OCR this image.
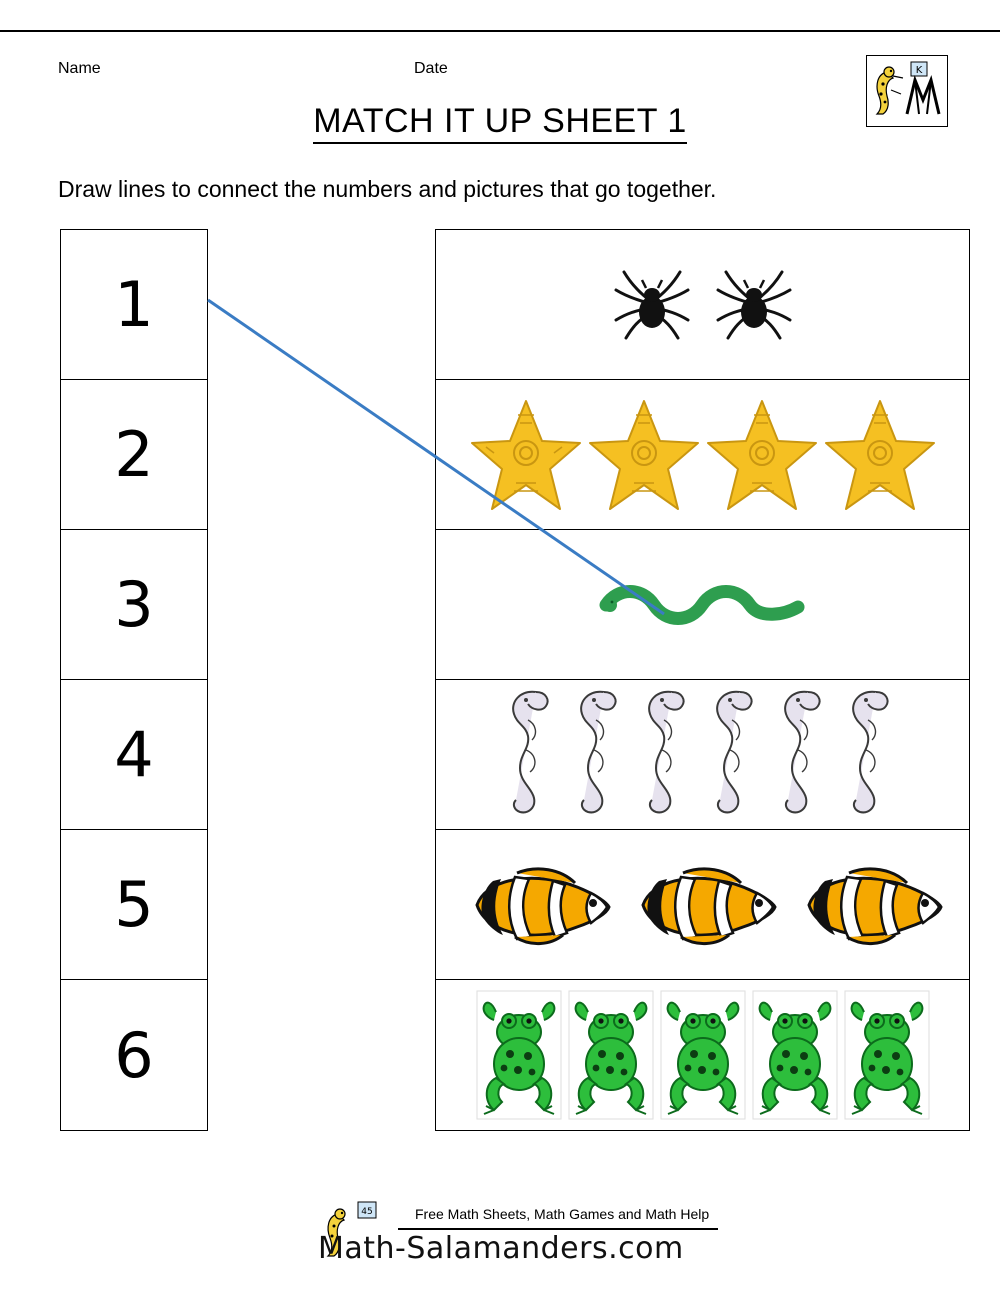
Name	Date	K
MATCH IT UP SHEET 1
Draw lines to connect the numbers and pictures that go together.
1
2
3
4
5
6
45	Free Math Sheets, Math Games and Math Help
Math-Salamanders.com
